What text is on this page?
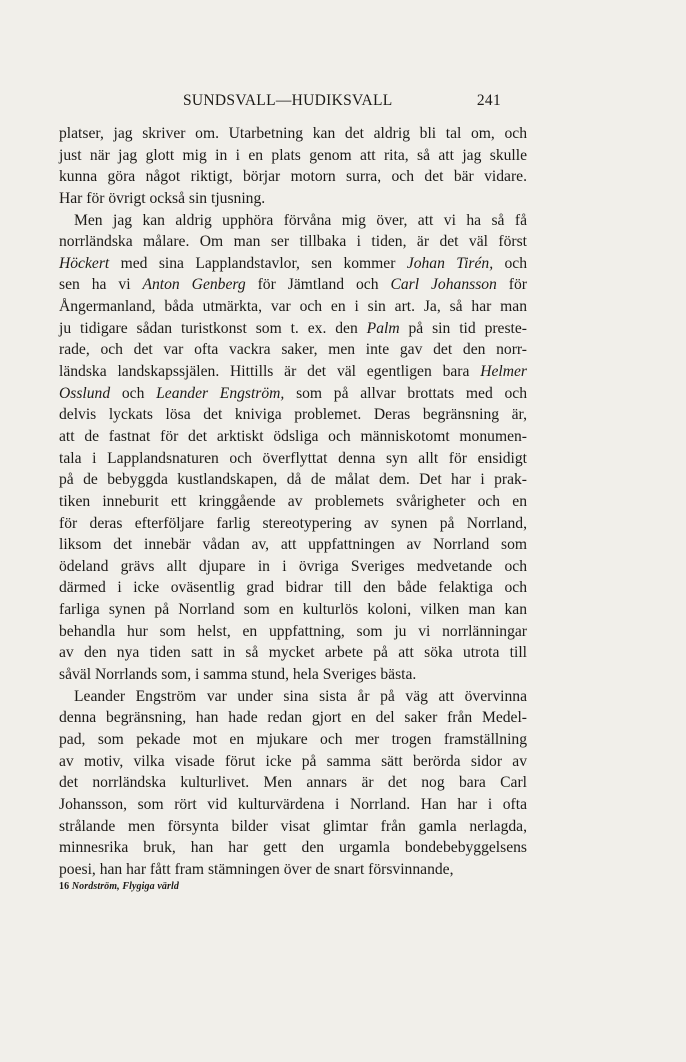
SUNDSVALL—HUDIKSVALL	241
platser, jag skriver om. Utarbetning kan det aldrig bli tal om, och
just när jag glott mig in i en plats genom att rita, så att jag skulle
kunna göra något riktigt, börjar motorn surra, och det bär vidare.
Har för övrigt också sin tjusning.
Men jag kan aldrig upphöra förvåna mig över, att vi ha så få
norrländska målare. Om man ser tillbaka i tiden, är det väl först
Höckert med sina Lapplandstavlor, sen kommer Johan Tirén, och
sen ha vi Anton Genberg för Jämtland och Carl Johansson för
Ångermanland, båda utmärkta, var och en i sin art. Ja, så har man
ju tidigare sådan turistkonst som t. ex. den Palm på sin tid preste-
rade, och det var ofta vackra saker, men inte gav det den norr-
ländska landskapssjälen. Hittills är det väl egentligen bara Helmer
Osslund och Leander Engström, som på allvar brottats med och
delvis lyckats lösa det kniviga problemet. Deras begränsning är,
att de fastnat för det arktiskt ödsliga och människotomt monumen-
tala i Lapplandsnaturen och överflyttat denna syn allt för ensidigt
på de bebyggda kustlandskapen, då de målat dem. Det har i prak-
tiken inneburit ett kringgående av problemets svårigheter och en
för deras efterföljare farlig stereotypering av synen på Norrland,
liksom det innebär vådan av, att uppfattningen av Norrland som
ödeland grävs allt djupare in i övriga Sveriges medvetande och
därmed i icke oväsentlig grad bidrar till den både felaktiga och
farliga synen på Norrland som en kulturlös koloni, vilken man kan
behandla hur som helst, en uppfattning, som ju vi norrlänningar
av den nya tiden satt in så mycket arbete på att söka utrota till
såväl Norrlands som, i samma stund, hela Sveriges bästa.
Leander Engström var under sina sista år på väg att övervinna
denna begränsning, han hade redan gjort en del saker från Medel-
pad, som pekade mot en mjukare och mer trogen framställning
av motiv, vilka visade förut icke på samma sätt berörda sidor av
det norrländska kulturlivet. Men annars är det nog bara Carl
Johansson, som rört vid kulturvärdena i Norrland. Han har i ofta
strålande men försynta bilder visat glimtar från gamla nerlagda,
minnesrika bruk, han har gett den urgamla bondebebyggelsens
poesi, han har fått fram stämningen över de snart försvinnande,
16 Nordström, Flygiga värld
